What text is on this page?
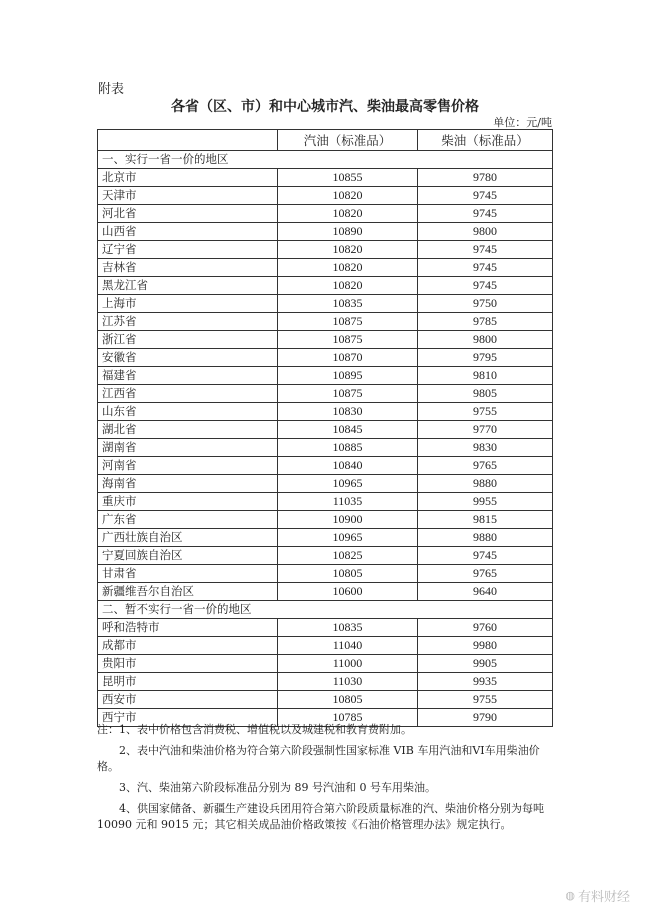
附表
各省（区、市）和中心城市汽、柴油最高零售价格
单位：元/吨
	汽油（标准品）	柴油（标准品）
一、实行一省一价的地区		
北京市	10855	9780
天津市	10820	9745
河北省	10820	9745
山西省	10890	9800
辽宁省	10820	9745
吉林省	10820	9745
黑龙江省	10820	9745
上海市	10835	9750
江苏省	10875	9785
浙江省	10875	9800
安徽省	10870	9795
福建省	10895	9810
江西省	10875	9805
山东省	10830	9755
湖北省	10845	9770
湖南省	10885	9830
河南省	10840	9765
海南省	10965	9880
重庆市	11035	9955
广东省	10900	9815
广西壮族自治区	10965	9880
宁夏回族自治区	10825	9745
甘肃省	10805	9765
新疆维吾尔自治区	10600	9640
二、暂不实行一省一价的地区		
呼和浩特市	10835	9760
成都市	11040	9980
贵阳市	11000	9905
昆明市	11030	9935
西安市	10805	9755
西宁市	10785	9790

注：1、表中价格包含消费税、增值税以及城建税和教育费附加。

2、表中汽油和柴油价格为符合第六阶段强制性国家标准 VIB 车用汽油和VI车用柴油价格。

3、汽、柴油第六阶段标准品分别为 89 号汽油和 0 号车用柴油。

4、供国家储备、新疆生产建设兵团用符合第六阶段质量标准的汽、柴油价格分别为每吨 10090 元和 9015 元；其它相关成品油价格政策按《石油价格管理办法》规定执行。

◍ 有料财经
